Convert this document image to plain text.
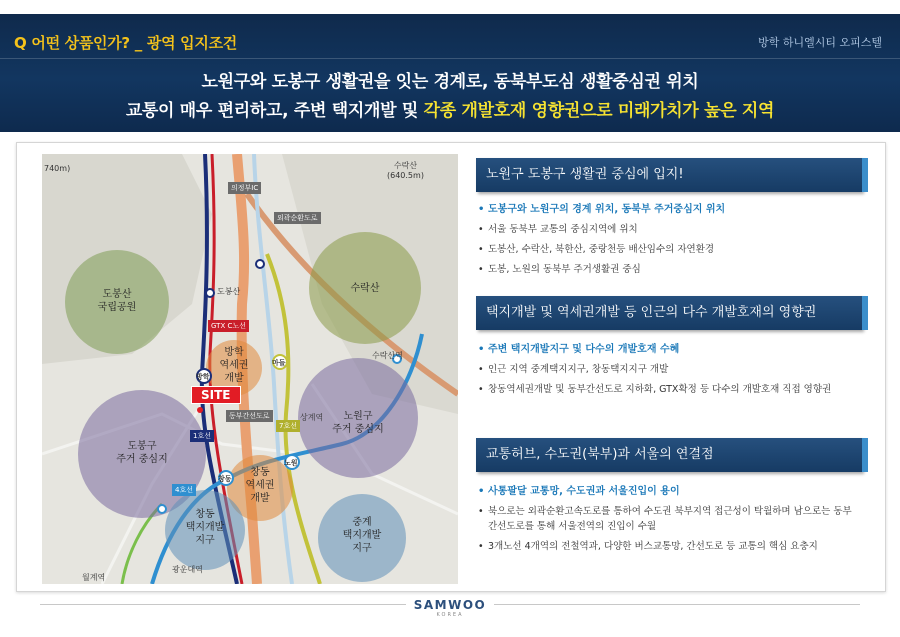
Q 어떤 상품인가? _ 광역 입지조건	방학 하니엘시티 오피스텔
노원구와 도봉구 생활권을 잇는 경계로, 동북부도심 생활중심권 위치
교통이 매우 편리하고, 주변 택지개발 및 각종 개발호재 영향권으로 미래가치가 높은 지역
740m)	수락산
(640.5m)
수락산역
도봉산
상계역
광운대역
월계역
의정부IC
외곽순환도로
동부간선도로
GTX C노선
1호선
4호선
7호선
방학
마들
창동
노원
도봉산
국립공원
수락산
방학
역세권
개발
노원구
주거 중심지
도봉구
주거 중심지
창동
역세권
개발
창동
택지개발
지구
중계
택지개발
지구
SITE
노원구 도봉구 생활권 중심에 입지!
• 도봉구와 노원구의 경계 위치, 동북부 주거중심지 위치
• 서울 동북부 교통의 중심지역에 위치
• 도봉산, 수락산, 북한산, 중랑천등 배산임수의 자연환경
• 도봉, 노원의 동북부 주거생활권 중심
택지개발 및 역세권개발 등 인근의 다수 개발호재의 영향권
• 주변 택지개발지구 및 다수의 개발호재 수혜
• 인근 지역 중계택지지구, 창동택지지구 개발
• 창동역세권개발 및 동부간선도로 지하화, GTX확정 등 다수의 개발호재 직접 영향권
교통허브, 수도권(북부)과 서울의 연결점
• 사통팔달 교통망, 수도권과 서울진입이 용이
• 북으로는 외곽순환고속도로를 통하여 수도권 북부지역 접근성이 탁월하며 남으로는 동부간선도로를 통해 서울전역의 진입이 수월
• 3개노선 4개역의 전철역과, 다양한 버스교통망, 간선도로 등 교통의 핵심 요충지
SAMWOO
KOREA
